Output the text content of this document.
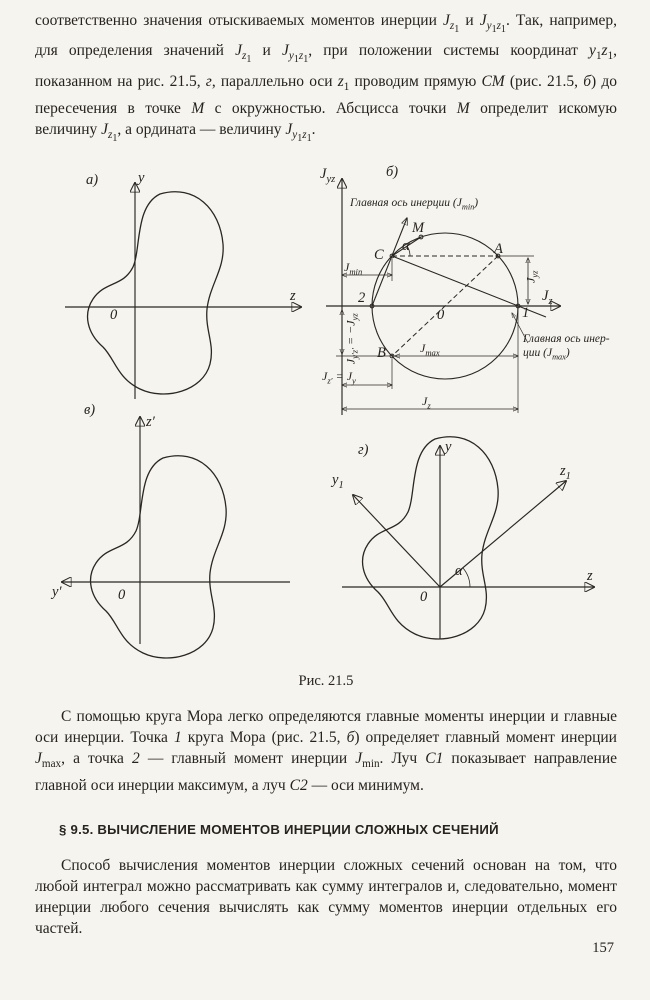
соответственно значения отыскиваемых моментов инерции $J_{z_1}$ и $J_{y_1z_1}$. Так, например, для определения значений $J_{z_1}$ и $J_{y_1z_1}$, при положении системы координат $y_1z_1$, показанном на рис. 21.5, г, параллельно оси $z_1$ проводим прямую СМ (рис. 21.5, б) до пересечения в точке М с окружностью. Абсцисса точки М определит искомую величину $J_{z_1}$, а ордината — величину $J_{y_1z_1}$.

а)	y
z
0
б)
$J_{yz}$
Главная ось инерции $(J_{min})$
М
α
С	А
$J_{min}$
2
0	1
В	$J_{max}$
$J_{y'z'} = -J_{yz}$
$J_{z'} = J_y$
$J_z$
$J_{yz}$
$J_z$
Главная ось инер-
ции $(J_{max})$
в)
z′
y′	0
г)	y
$y_1$
$z_1$
α	z
0
Рис. 21.5

С помощью круга Мора легко определяются главные моменты инерции и главные оси инерции. Точка 1 круга Мора (рис. 21.5, б) определяет главный момент инерции $J_{max}$, а точка 2 — главный момент инерции $J_{min}$. Луч С1 показывает направление главной оси инерции максимум, а луч С2 — оси минимум.

§ 9.5. ВЫЧИСЛЕНИЕ МОМЕНТОВ ИНЕРЦИИ СЛОЖНЫХ СЕЧЕНИЙ

Способ вычисления моментов инерции сложных сечений основан на том, что любой интеграл можно рассматривать как сумму интегралов и, следовательно, момент инерции любого сечения вычислять как сумму моментов инерции отдельных его частей.

157
